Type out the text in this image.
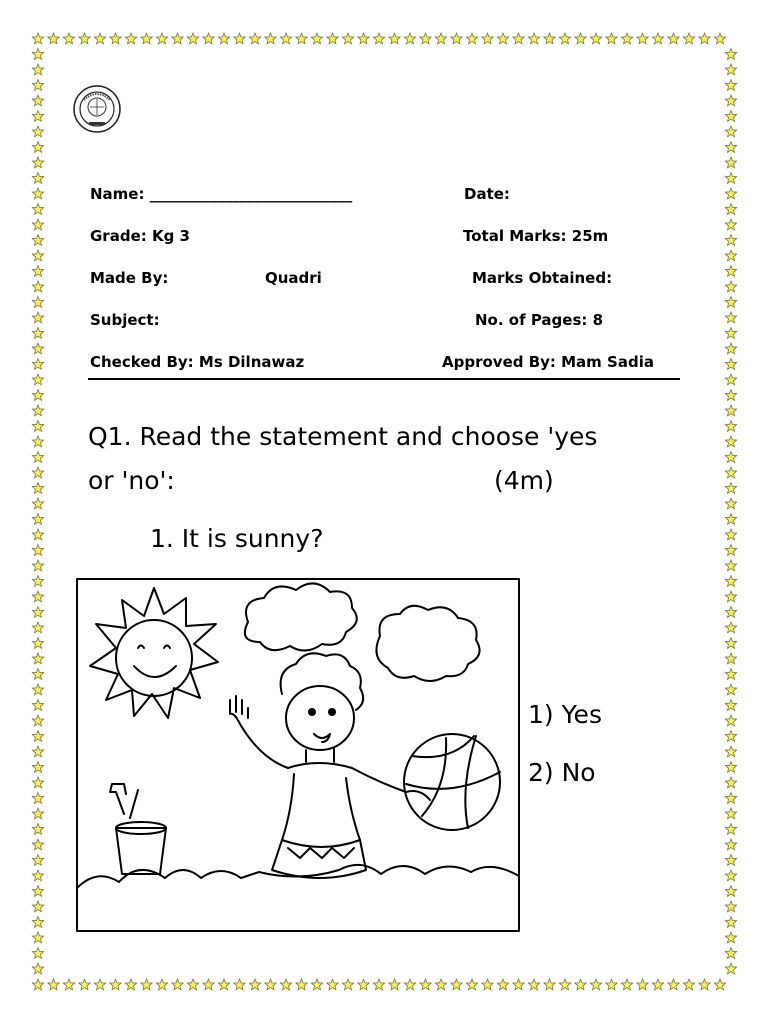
Name: ___________________________	Date:
Grade: Kg 3	Total Marks: 25m
Made By:	Quadri	Marks Obtained:
Subject:	No. of Pages: 8
Checked By: Ms Dilnawaz	Approved By: Mam Sadia
Q1. Read the statement and choose 'yes
or 'no':	(4m)
1. It is sunny?
1) Yes
2) No
